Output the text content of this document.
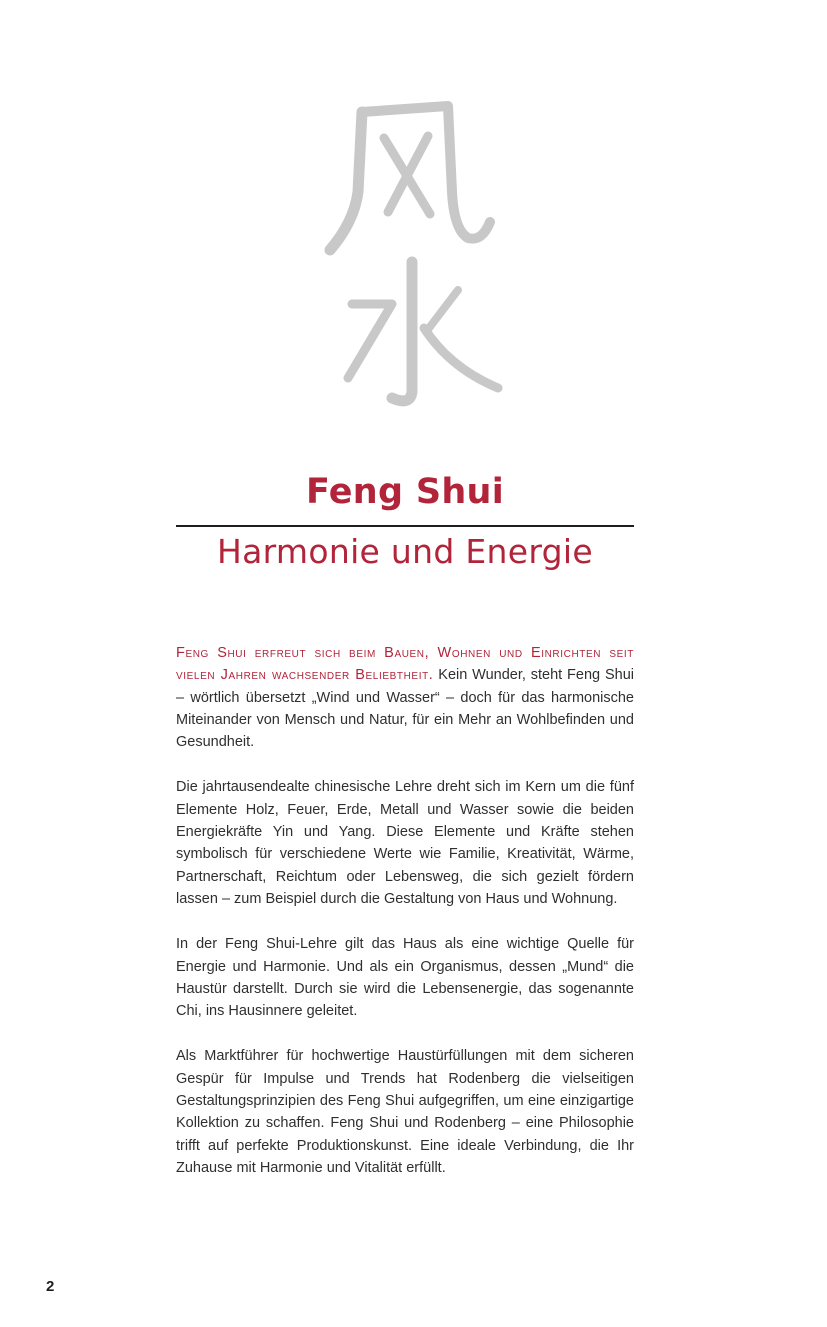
Feng Shui
Harmonie und Energie

Feng Shui erfreut sich beim Bauen, Wohnen und Einrichten seit vielen Jahren wachsender Beliebtheit. Kein Wunder, steht Feng Shui – wörtlich übersetzt „Wind und Wasser“ – doch für das harmonische Miteinander von Mensch und Natur, für ein Mehr an Wohlbefinden und Gesundheit.

Die jahrtausendealte chinesische Lehre dreht sich im Kern um die fünf Elemente Holz, Feuer, Erde, Metall und Wasser sowie die beiden Energiekräfte Yin und Yang. Diese Elemente und Kräfte stehen symbolisch für verschiedene Werte wie Familie, Kreativität, Wärme, Partnerschaft, Reichtum oder Lebensweg, die sich gezielt fördern lassen – zum Beispiel durch die Gestaltung von Haus und Wohnung.

In der Feng Shui-Lehre gilt das Haus als eine wichtige Quelle für Energie und Harmonie. Und als ein Organismus, dessen „Mund“ die Haustür darstellt. Durch sie wird die Lebensenergie, das sogenannte Chi, ins Hausinnere geleitet.

Als Marktführer für hochwertige Haustürfüllungen mit dem sicheren Gespür für Impulse und Trends hat Rodenberg die vielseitigen Gestaltungsprinzipien des Feng Shui aufgegriffen, um eine einzigartige Kollektion zu schaffen. Feng Shui und Rodenberg – eine Philosophie trifft auf perfekte Produktionskunst. Eine ideale Verbindung, die Ihr Zuhause mit Harmonie und Vitalität erfüllt.

2
